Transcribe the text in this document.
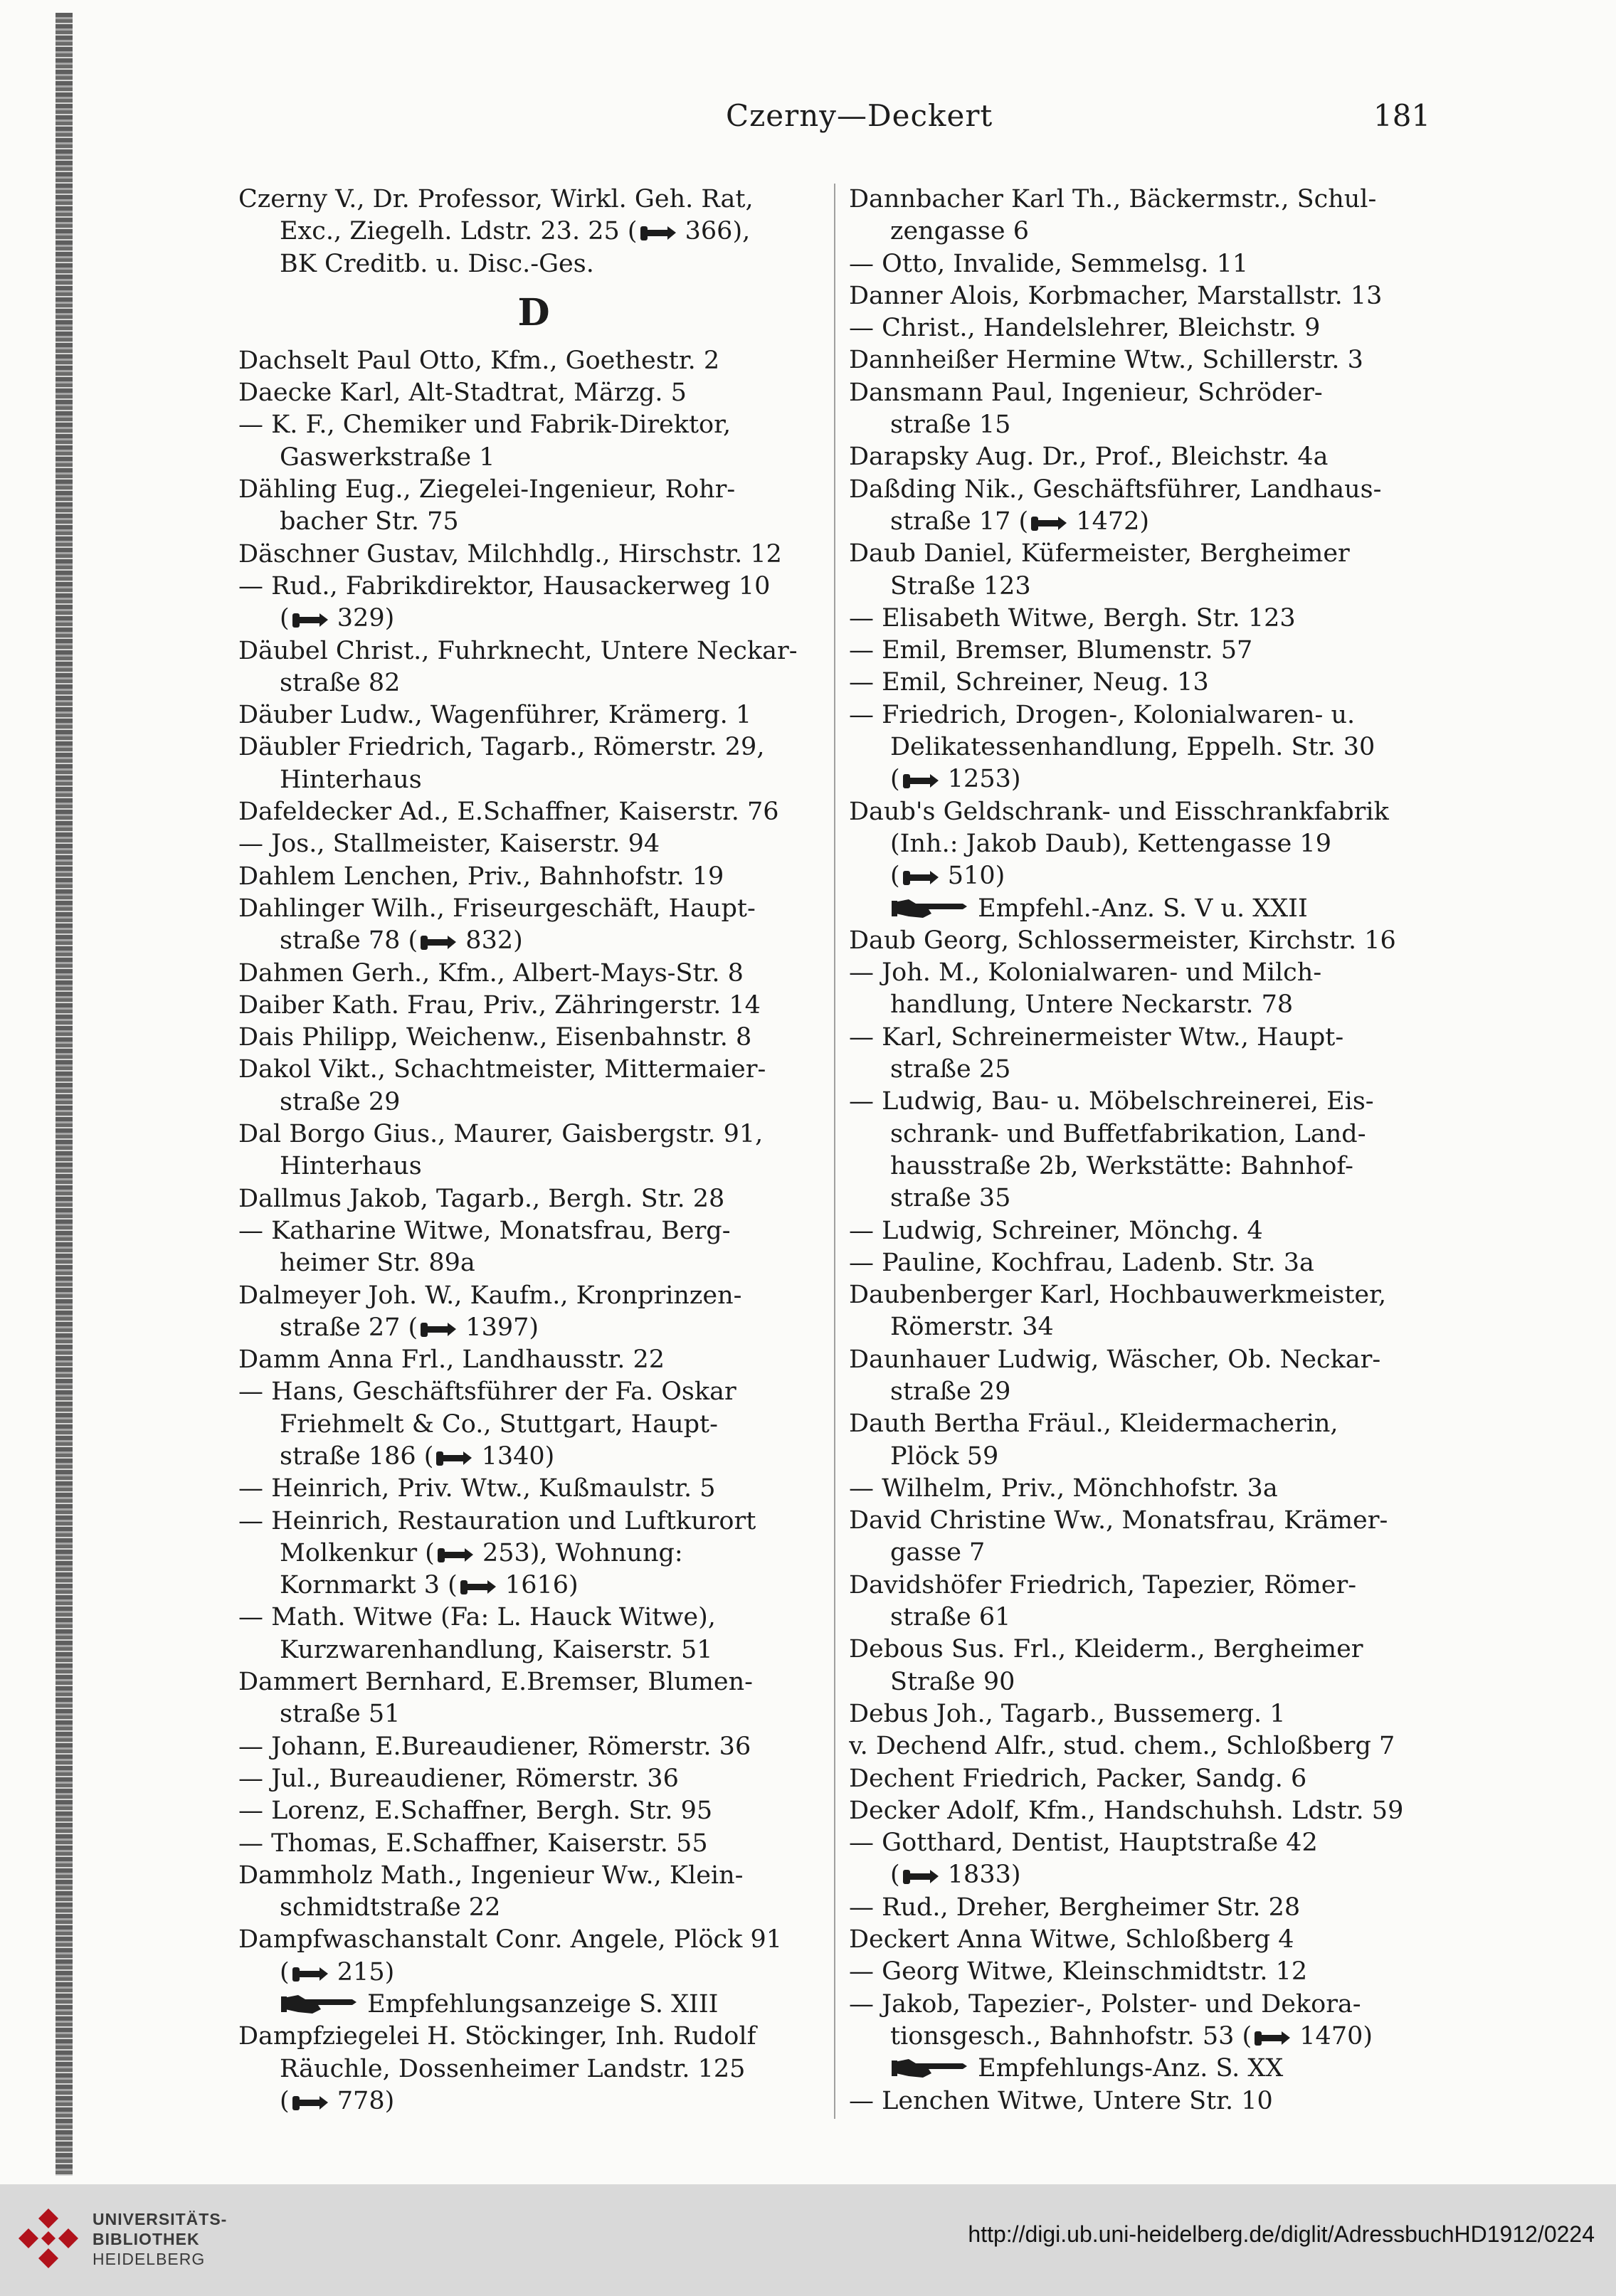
Czerny—Deckert	181
Czerny V., Dr. Professor, Wirkl. Geh. Rat,
Exc., Ziegelh. Ldstr. 23. 25 ( 366),
BK Creditb. u. Disc.-Ges.
D
Dachselt Paul Otto, Kfm., Goethestr. 2
Daecke Karl, Alt-Stadtrat, Märzg. 5
— K. F., Chemiker und Fabrik-Direktor,
Gaswerkstraße 1
Dähling Eug., Ziegelei-Ingenieur, Rohr-
bacher Str. 75
Däschner Gustav, Milchhdlg., Hirschstr. 12
— Rud., Fabrikdirektor, Hausackerweg 10
( 329)
Däubel Christ., Fuhrknecht, Untere Neckar-
straße 82
Däuber Ludw., Wagenführer, Krämerg. 1
Däubler Friedrich, Tagarb., Römerstr. 29,
Hinterhaus
Dafeldecker Ad., E.Schaffner, Kaiserstr. 76
— Jos., Stallmeister, Kaiserstr. 94
Dahlem Lenchen, Priv., Bahnhofstr. 19
Dahlinger Wilh., Friseurgeschäft, Haupt-
straße 78 ( 832)
Dahmen Gerh., Kfm., Albert-Mays-Str. 8
Daiber Kath. Frau, Priv., Zähringerstr. 14
Dais Philipp, Weichenw., Eisenbahnstr. 8
Dakol Vikt., Schachtmeister, Mittermaier-
straße 29
Dal Borgo Gius., Maurer, Gaisbergstr. 91,
Hinterhaus
Dallmus Jakob, Tagarb., Bergh. Str. 28
— Katharine Witwe, Monatsfrau, Berg-
heimer Str. 89a
Dalmeyer Joh. W., Kaufm., Kronprinzen-
straße 27 ( 1397)
Damm Anna Frl., Landhausstr. 22
— Hans, Geschäftsführer der Fa. Oskar
Friehmelt & Co., Stuttgart, Haupt-
straße 186 ( 1340)
— Heinrich, Priv. Wtw., Kußmaulstr. 5
— Heinrich, Restauration und Luftkurort
Molkenkur ( 253), Wohnung:
Kornmarkt 3 ( 1616)
— Math. Witwe (Fa: L. Hauck Witwe),
Kurzwarenhandlung, Kaiserstr. 51
Dammert Bernhard, E.Bremser, Blumen-
straße 51
— Johann, E.Bureaudiener, Römerstr. 36
— Jul., Bureaudiener, Römerstr. 36
— Lorenz, E.Schaffner, Bergh. Str. 95
— Thomas, E.Schaffner, Kaiserstr. 55
Dammholz Math., Ingenieur Ww., Klein-
schmidtstraße 22
Dampfwaschanstalt Conr. Angele, Plöck 91
( 215)
Empfehlungsanzeige S. XIII
Dampfziegelei H. Stöckinger, Inh. Rudolf
Räuchle, Dossenheimer Landstr. 125
( 778)
Dannbacher Karl Th., Bäckermstr., Schul-
zengasse 6
— Otto, Invalide, Semmelsg. 11
Danner Alois, Korbmacher, Marstallstr. 13
— Christ., Handelslehrer, Bleichstr. 9
Dannheißer Hermine Wtw., Schillerstr. 3
Dansmann Paul, Ingenieur, Schröder-
straße 15
Darapsky Aug. Dr., Prof., Bleichstr. 4a
Daßding Nik., Geschäftsführer, Landhaus-
straße 17 ( 1472)
Daub Daniel, Küfermeister, Bergheimer
Straße 123
— Elisabeth Witwe, Bergh. Str. 123
— Emil, Bremser, Blumenstr. 57
— Emil, Schreiner, Neug. 13
— Friedrich, Drogen-, Kolonialwaren- u.
Delikatessenhandlung, Eppelh. Str. 30
( 1253)
Daub's Geldschrank- und Eisschrankfabrik
(Inh.: Jakob Daub), Kettengasse 19
( 510)
Empfehl.-Anz. S. V u. XXII
Daub Georg, Schlossermeister, Kirchstr. 16
— Joh. M., Kolonialwaren- und Milch-
handlung, Untere Neckarstr. 78
— Karl, Schreinermeister Wtw., Haupt-
straße 25
— Ludwig, Bau- u. Möbelschreinerei, Eis-
schrank- und Buffetfabrikation, Land-
hausstraße 2b, Werkstätte: Bahnhof-
straße 35
— Ludwig, Schreiner, Mönchg. 4
— Pauline, Kochfrau, Ladenb. Str. 3a
Daubenberger Karl, Hochbauwerkmeister,
Römerstr. 34
Daunhauer Ludwig, Wäscher, Ob. Neckar-
straße 29
Dauth Bertha Fräul., Kleidermacherin,
Plöck 59
— Wilhelm, Priv., Mönchhofstr. 3a
David Christine Ww., Monatsfrau, Krämer-
gasse 7
Davidshöfer Friedrich, Tapezier, Römer-
straße 61
Debous Sus. Frl., Kleiderm., Bergheimer
Straße 90
Debus Joh., Tagarb., Bussemerg. 1
v. Dechend Alfr., stud. chem., Schloßberg 7
Dechent Friedrich, Packer, Sandg. 6
Decker Adolf, Kfm., Handschuhsh. Ldstr. 59
— Gotthard, Dentist, Hauptstraße 42
( 1833)
— Rud., Dreher, Bergheimer Str. 28
Deckert Anna Witwe, Schloßberg 4
— Georg Witwe, Kleinschmidtstr. 12
— Jakob, Tapezier-, Polster- und Dekora-
tionsgesch., Bahnhofstr. 53 ( 1470)
Empfehlungs-Anz. S. XX
— Lenchen Witwe, Untere Str. 10
UNIVERSITÄTS-
BIBLIOTHEK
HEIDELBERG
http://digi.ub.uni-heidelberg.de/diglit/AdressbuchHD1912/0224
